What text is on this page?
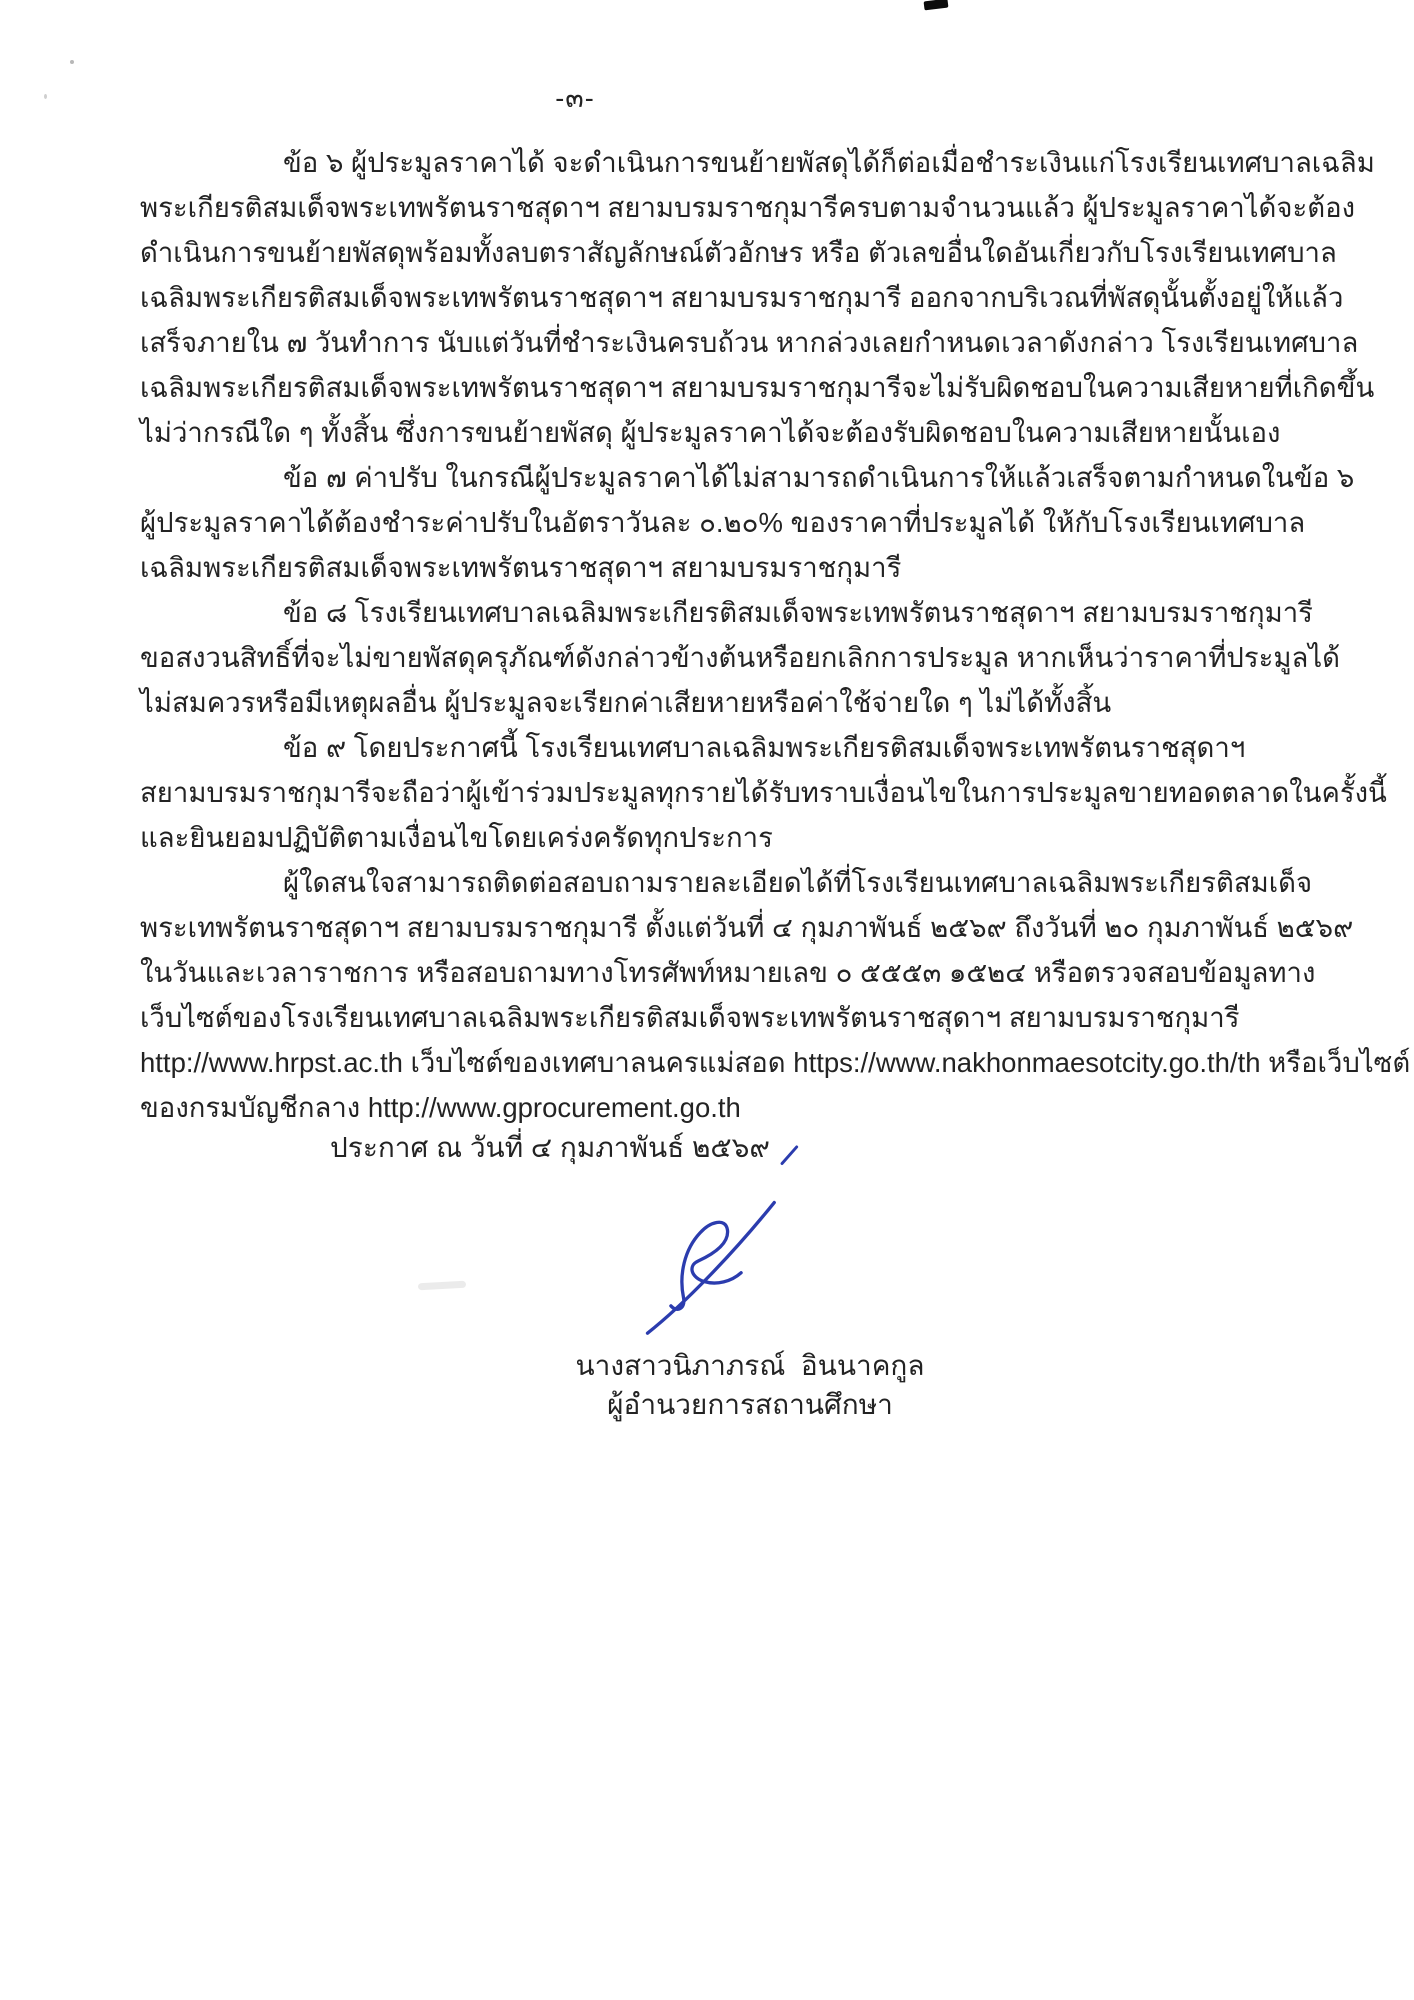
-๓-
ข้อ ๖ ผู้ประมูลราคาได้ จะดำเนินการขนย้ายพัสดุได้ก็ต่อเมื่อชำระเงินแก่โรงเรียนเทศบาลเฉลิม
พระเกียรติสมเด็จพระเทพรัตนราชสุดาฯ สยามบรมราชกุมารีครบตามจำนวนแล้ว ผู้ประมูลราคาได้จะต้อง
ดำเนินการขนย้ายพัสดุพร้อมทั้งลบตราสัญลักษณ์ตัวอักษร หรือ ตัวเลขอื่นใดอันเกี่ยวกับโรงเรียนเทศบาล
เฉลิมพระเกียรติสมเด็จพระเทพรัตนราชสุดาฯ สยามบรมราชกุมารี ออกจากบริเวณที่พัสดุนั้นตั้งอยู่ให้แล้ว
เสร็จภายใน ๗ วันทำการ นับแต่วันที่ชำระเงินครบถ้วน หากล่วงเลยกำหนดเวลาดังกล่าว โรงเรียนเทศบาล
เฉลิมพระเกียรติสมเด็จพระเทพรัตนราชสุดาฯ สยามบรมราชกุมารีจะไม่รับผิดชอบในความเสียหายที่เกิดขึ้น
ไม่ว่ากรณีใด ๆ ทั้งสิ้น ซึ่งการขนย้ายพัสดุ ผู้ประมูลราคาได้จะต้องรับผิดชอบในความเสียหายนั้นเอง
ข้อ ๗ ค่าปรับ ในกรณีผู้ประมูลราคาได้ไม่สามารถดำเนินการให้แล้วเสร็จตามกำหนดในข้อ ๖
ผู้ประมูลราคาได้ต้องชำระค่าปรับในอัตราวันละ ๐.๒๐% ของราคาที่ประมูลได้ ให้กับโรงเรียนเทศบาล
เฉลิมพระเกียรติสมเด็จพระเทพรัตนราชสุดาฯ สยามบรมราชกุมารี
ข้อ ๘ โรงเรียนเทศบาลเฉลิมพระเกียรติสมเด็จพระเทพรัตนราชสุดาฯ สยามบรมราชกุมารี
ขอสงวนสิทธิ์ที่จะไม่ขายพัสดุครุภัณฑ์ดังกล่าวข้างต้นหรือยกเลิกการประมูล หากเห็นว่าราคาที่ประมูลได้
ไม่สมควรหรือมีเหตุผลอื่น ผู้ประมูลจะเรียกค่าเสียหายหรือค่าใช้จ่ายใด ๆ ไม่ได้ทั้งสิ้น
ข้อ ๙ โดยประกาศนี้ โรงเรียนเทศบาลเฉลิมพระเกียรติสมเด็จพระเทพรัตนราชสุดาฯ
สยามบรมราชกุมารีจะถือว่าผู้เข้าร่วมประมูลทุกรายได้รับทราบเงื่อนไขในการประมูลขายทอดตลาดในครั้งนี้
และยินยอมปฏิบัติตามเงื่อนไขโดยเคร่งครัดทุกประการ
ผู้ใดสนใจสามารถติดต่อสอบถามรายละเอียดได้ที่โรงเรียนเทศบาลเฉลิมพระเกียรติสมเด็จ
พระเทพรัตนราชสุดาฯ สยามบรมราชกุมารี ตั้งแต่วันที่ ๔ กุมภาพันธ์ ๒๕๖๙ ถึงวันที่ ๒๐ กุมภาพันธ์ ๒๕๖๙
ในวันและเวลาราชการ หรือสอบถามทางโทรศัพท์หมายเลข ๐ ๕๕๕๓ ๑๕๒๔ หรือตรวจสอบข้อมูลทาง
เว็บไซต์ของโรงเรียนเทศบาลเฉลิมพระเกียรติสมเด็จพระเทพรัตนราชสุดาฯ สยามบรมราชกุมารี
http://www.hrpst.ac.th เว็บไซต์ของเทศบาลนครแม่สอด https://www.nakhonmaesotcity.go.th/th หรือเว็บไซต์
ของกรมบัญชีกลาง http://www.gprocurement.go.th
ประกาศ ณ วันที่ ๔ กุมภาพันธ์ ๒๕๖๙
นางสาวนิภาภรณ์  อินนาคกูล
ผู้อำนวยการสถานศึกษา
